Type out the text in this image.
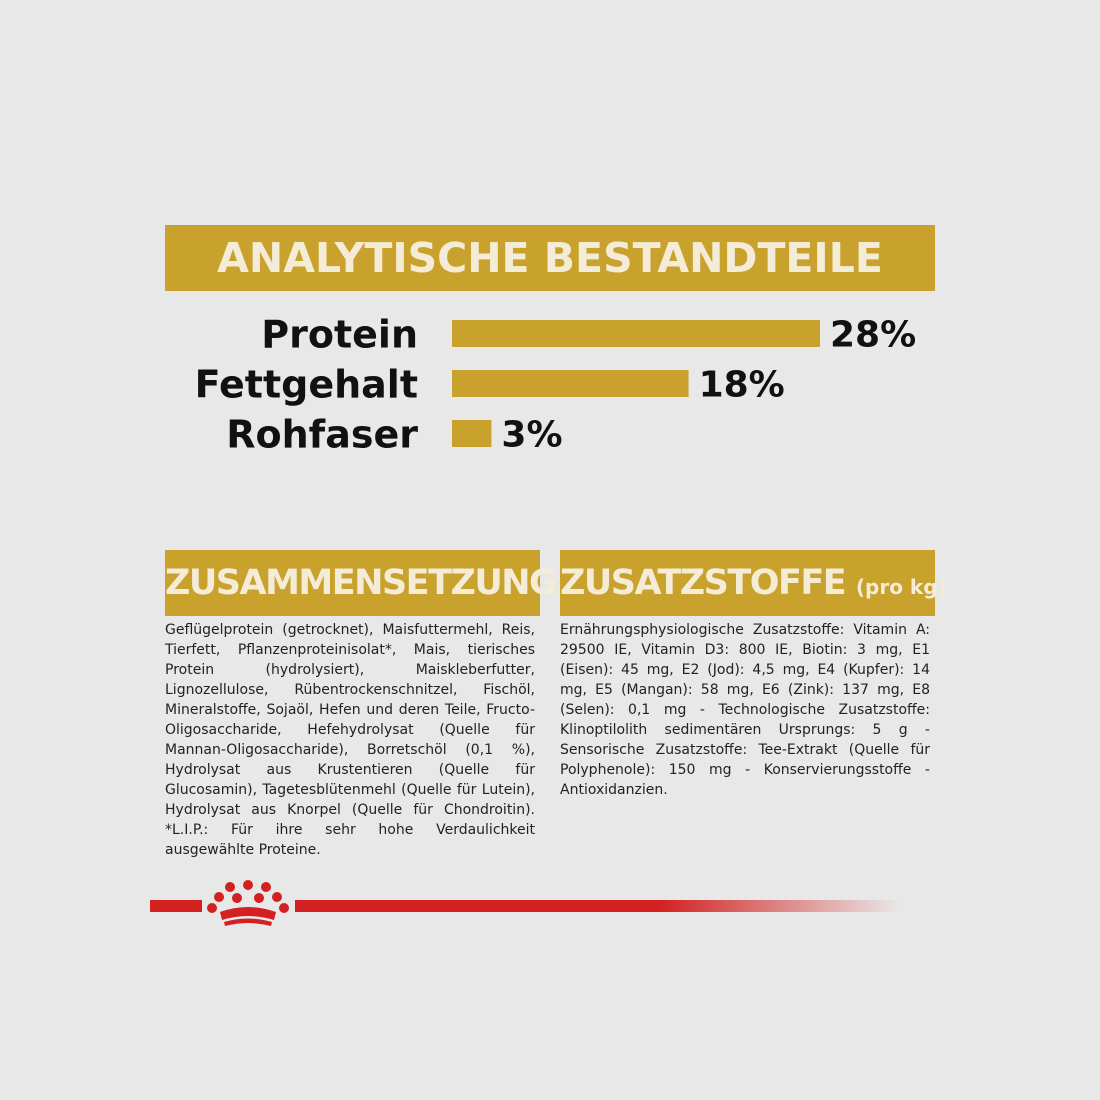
ANALYTISCHE BESTANDTEILE
Protein	28%
Fettgehalt	18%
Rohfaser 3%
ZUSAMMENSETZUNG ZUSATZSTOFFE (pro kg)
Geflügelprotein (getrocknet), Maisfuttermehl, Reis, Tierfett, Pflanzenproteinisolat*, Mais, tierisches Protein (hydrolysiert), Maiskleberfutter, Lignozellulose, Rübentrockenschnitzel, Fischöl, Mineralstoffe, Sojaöl, Hefen und deren Teile, Fructo-Oligosaccharide, Hefehydrolysat (Quelle für Mannan-Oligosaccharide), Borretschöl (0,1 %), Hydrolysat aus Krustentieren (Quelle für Glucosamin), Tagetesblütenmehl (Quelle für Lutein), Hydrolysat aus Knorpel (Quelle für Chondroitin). *L.I.P.: Für ihre sehr hohe Verdaulichkeit ausgewählte Proteine.
Ernährungsphysiologische Zusatzstoffe: Vitamin A: 29500 IE, Vitamin D3: 800 IE, Biotin: 3 mg, E1 (Eisen): 45 mg, E2 (Jod): 4,5 mg, E4 (Kupfer): 14 mg, E5 (Mangan): 58 mg, E6 (Zink): 137 mg, E8 (Selen): 0,1 mg - Technologische Zusatzstoffe: Klinoptilolith sedimentären Ursprungs: 5 g - Sensorische Zusatzstoffe: Tee-Extrakt (Quelle für Polyphenole): 150 mg - Konservierungsstoffe - Antioxidanzien.
